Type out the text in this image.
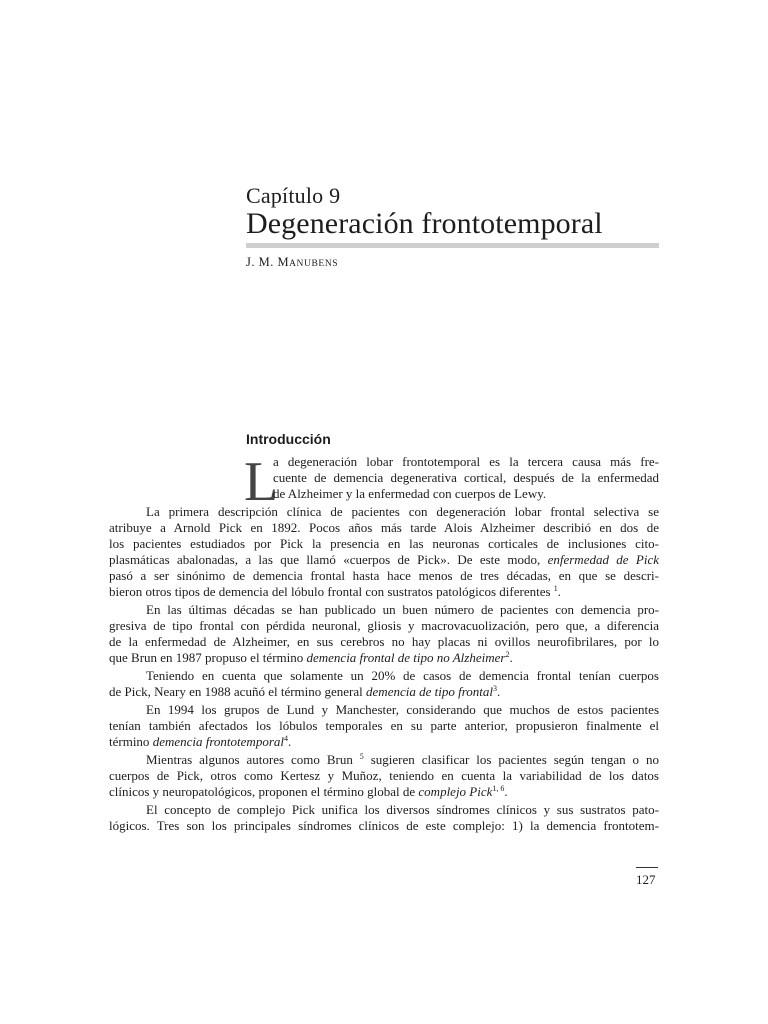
Capítulo 9
Degeneración frontotemporal
J. M. MANUBENS
Introducción
L
a degeneración lobar frontotemporal es la tercera causa más fre-
cuente de demencia degenerativa cortical, después de la enfermedad
de Alzheimer y la enfermedad con cuerpos de Lewy.
La primera descripción clínica de pacientes con degeneración lobar frontal selectiva se
atribuye a Arnold Pick en 1892. Pocos años más tarde Alois Alzheimer describió en dos de
los pacientes estudiados por Pick la presencia en las neuronas corticales de inclusiones cito-
plasmáticas abalonadas, a las que llamó «cuerpos de Pick». De este modo, enfermedad de Pick
pasó a ser sinónimo de demencia frontal hasta hace menos de tres décadas, en que se descri-
bieron otros tipos de demencia del lóbulo frontal con sustratos patológicos diferentes $^1$.
En las últimas décadas se han publicado un buen número de pacientes con demencia pro-
gresiva de tipo frontal con pérdida neuronal, gliosis y macrovacuolización, pero que, a diferencia
de la enfermedad de Alzheimer, en sus cerebros no hay placas ni ovillos neurofibrilares, por lo
que Brun en 1987 propuso el término demencia frontal de tipo no Alzheimer$^2$.
Teniendo en cuenta que solamente un 20% de casos de demencia frontal tenían cuerpos
de Pick, Neary en 1988 acuñó el término general demencia de tipo frontal$^3$.
En 1994 los grupos de Lund y Manchester, considerando que muchos de estos pacientes
tenían también afectados los lóbulos temporales en su parte anterior, propusieron finalmente el
término demencia frontotemporal$^4$.
Mientras algunos autores como Brun $^5$ sugieren clasificar los pacientes según tengan o no
cuerpos de Pick, otros como Kertesz y Muñoz, teniendo en cuenta la variabilidad de los datos
clínicos y neuropatológicos, proponen el término global de complejo Pick$^{1, 6}$.
El concepto de complejo Pick unifica los diversos síndromes clínicos y sus sustratos pato-
lógicos. Tres son los principales síndromes clínicos de este complejo: 1) la demencia frontotem-
127
